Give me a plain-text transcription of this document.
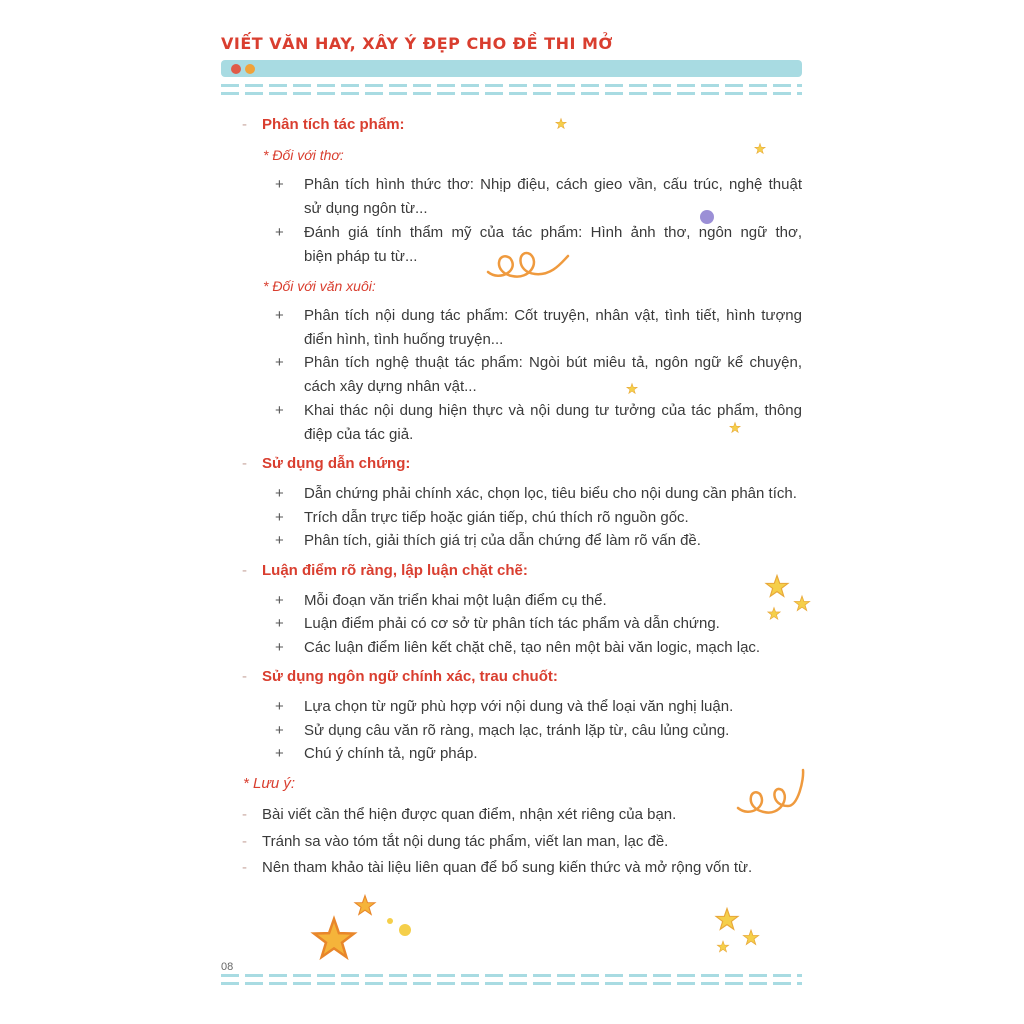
VIẾT VĂN HAY, XÂY Ý ĐẸP CHO ĐỀ THI MỞ
- Phân tích tác phẩm:
* Đối với thơ:
+ Phân tích hình thức thơ: Nhịp điệu, cách gieo vần, cấu trúc, nghệ thuật
sử dụng ngôn từ...
+ Đánh giá tính thẩm mỹ của tác phẩm: Hình ảnh thơ, ngôn ngữ thơ,
biện pháp tu từ...
* Đối với văn xuôi:
+ Phân tích nội dung tác phẩm: Cốt truyện, nhân vật, tình tiết, hình tượng
điển hình, tình huống truyện...
+ Phân tích nghệ thuật tác phẩm: Ngòi bút miêu tả, ngôn ngữ kể chuyện,
cách xây dựng nhân vật...
+ Khai thác nội dung hiện thực và nội dung tư tưởng của tác phẩm, thông
điệp của tác giả.
- Sử dụng dẫn chứng:
+ Dẫn chứng phải chính xác, chọn lọc, tiêu biểu cho nội dung cần phân tích.
+ Trích dẫn trực tiếp hoặc gián tiếp, chú thích rõ nguồn gốc.
+ Phân tích, giải thích giá trị của dẫn chứng để làm rõ vấn đề.
- Luận điểm rõ ràng, lập luận chặt chẽ:
+ Mỗi đoạn văn triển khai một luận điểm cụ thể.
+ Luận điểm phải có cơ sở từ phân tích tác phẩm và dẫn chứng.
+ Các luận điểm liên kết chặt chẽ, tạo nên một bài văn logic, mạch lạc.
- Sử dụng ngôn ngữ chính xác, trau chuốt:
+ Lựa chọn từ ngữ phù hợp với nội dung và thể loại văn nghị luận.
+ Sử dụng câu văn rõ ràng, mạch lạc, tránh lặp từ, câu lủng củng.
+ Chú ý chính tả, ngữ pháp.
* Lưu ý:
- Bài viết cần thể hiện được quan điểm, nhận xét riêng của bạn.
- Tránh sa vào tóm tắt nội dung tác phẩm, viết lan man, lạc đề.
- Nên tham khảo tài liệu liên quan để bổ sung kiến thức và mở rộng vốn từ.
08
